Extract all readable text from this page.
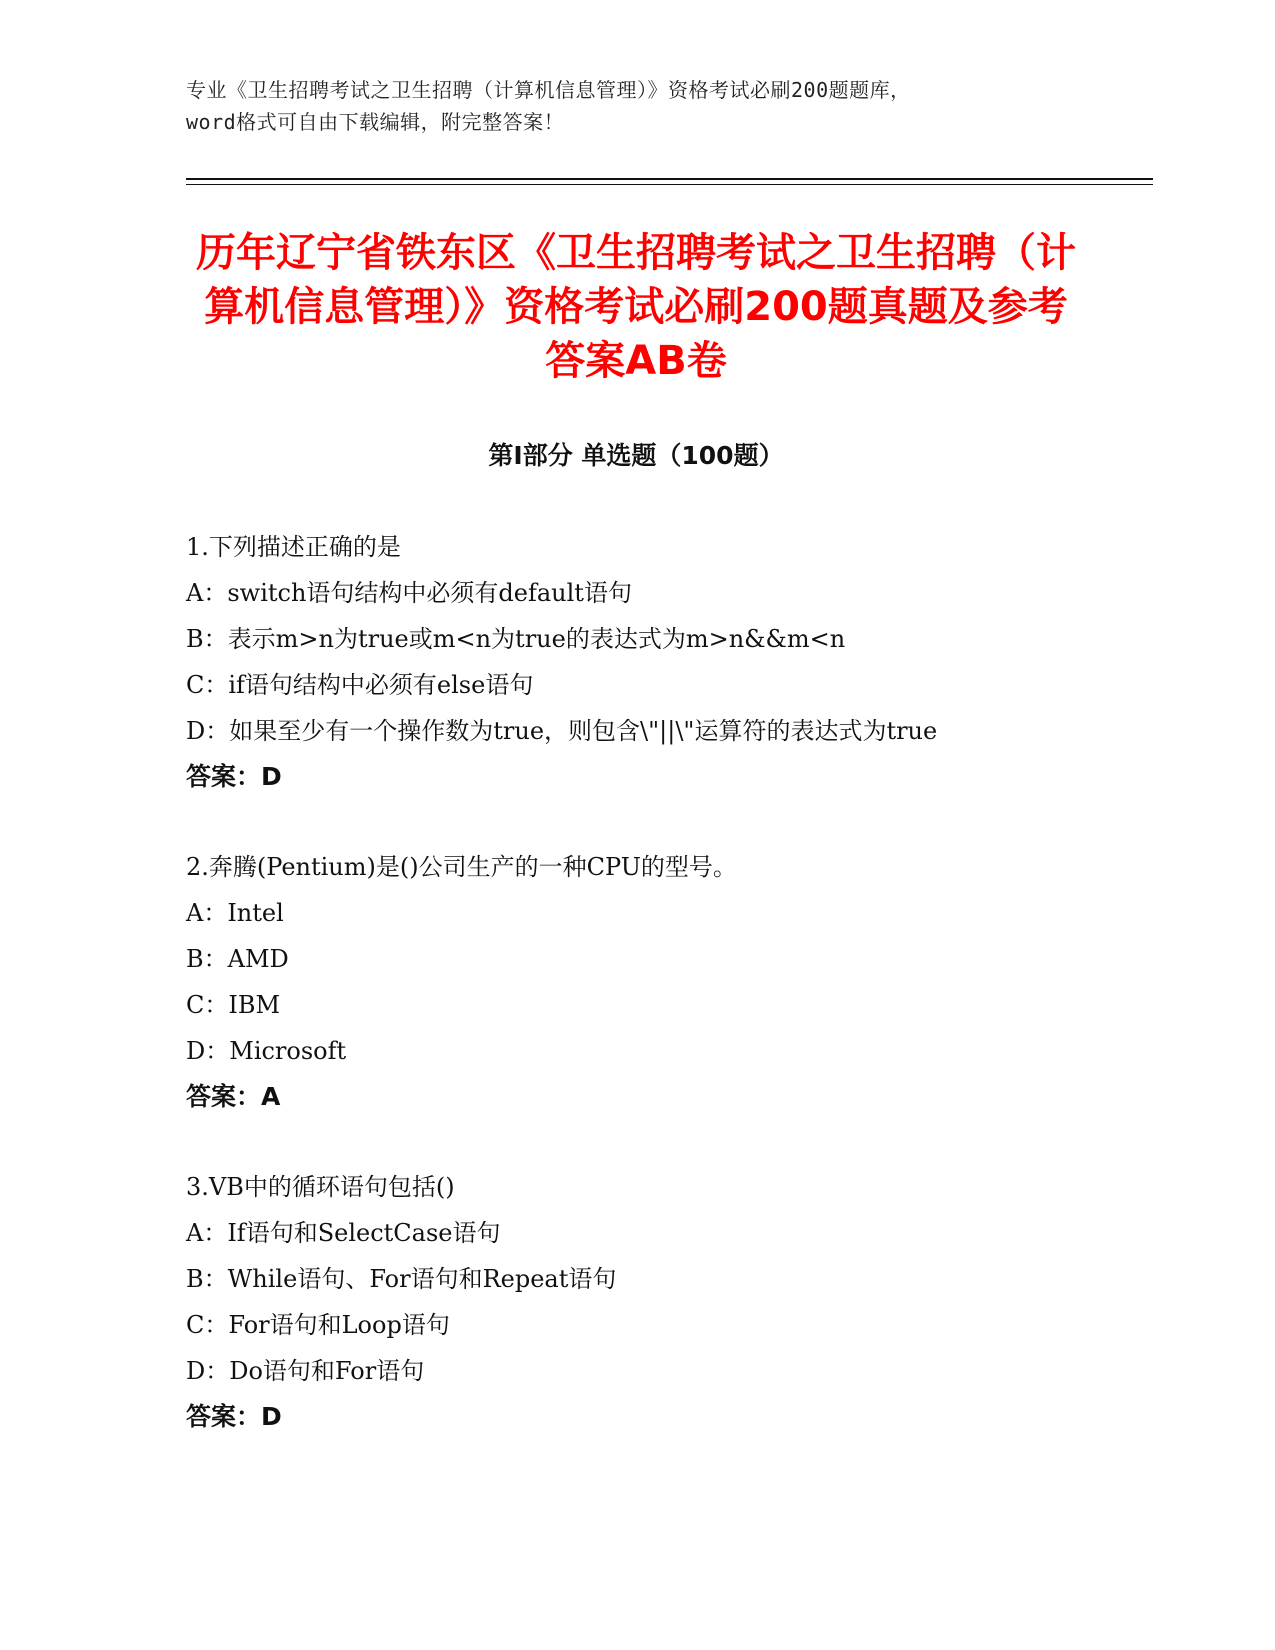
专业《卫生招聘考试之卫生招聘（计算机信息管理）》资格考试必刷200题题库，
word格式可自由下载编辑，附完整答案！
历年辽宁省铁东区《卫生招聘考试之卫生招聘（计算机信息管理）》资格考试必刷200题真题及参考答案AB卷
第Ⅰ部分 单选题（100题）
1.下列描述正确的是
A：switch语句结构中必须有default语句
B：表示m>n为true或m<n为true的表达式为m>n&&m<n
C：if语句结构中必须有else语句
D：如果至少有一个操作数为true，则包含\"||\"运算符的表达式为true
答案：D
2.奔腾(Pentium)是()公司生产的一种CPU的型号。
A：Intel
B：AMD
C：IBM
D：Microsoft
答案：A
3.VB中的循环语句包括()
A：If语句和SelectCase语句
B：While语句、For语句和Repeat语句
C：For语句和Loop语句
D：Do语句和For语句
答案：D
